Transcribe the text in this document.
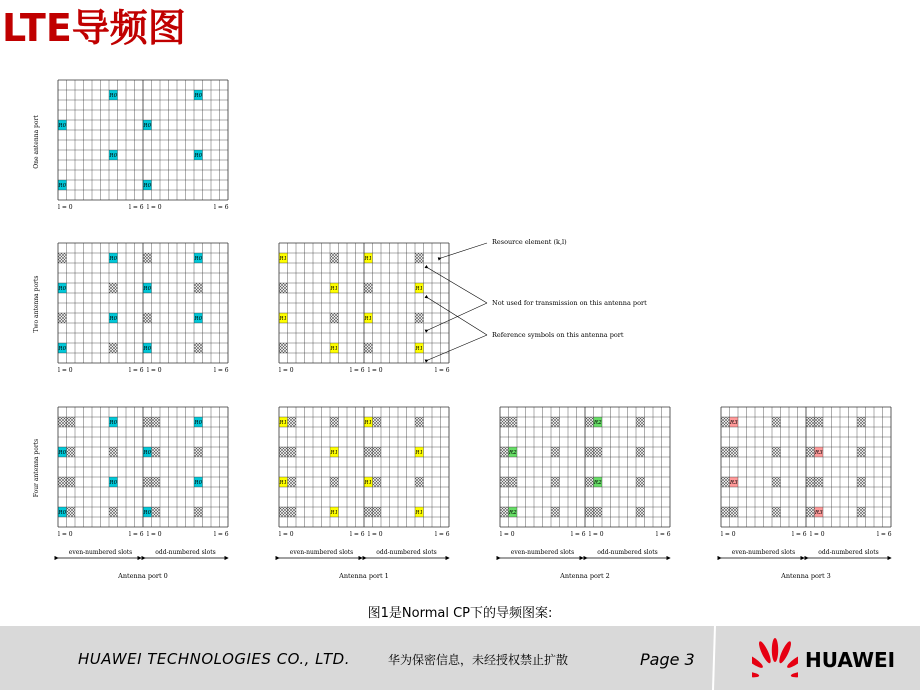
LTE导频图
R0	R0
R0	R0
R0	R0
R0	R0
l = 0	l = 6 l = 0	l = 6
R0	R0
R0	R0
R0	R0
R0	R0
l = 0	l = 6 l = 0	l = 6
R1	R1
R1	R1
R1	R1
R1	R1
l = 0	l = 6 l = 0	l = 6
R0	R0
R0	R0
R0	R0
R0	R0
l = 0	l = 6 l = 0	l = 6
even-numbered slots	odd-numbered slots
Antenna port 0
R1	R1
R1	R1
R1	R1
R1	R1
l = 0	l = 6 l = 0	l = 6
even-numbered slots	odd-numbered slots
Antenna port 1
R2
R2
R2
R2
l = 0	l = 6 l = 0	l = 6
even-numbered slots	odd-numbered slots
Antenna port 2
R3
R3
R3
R3
l = 0	l = 6 l = 0	l = 6
even-numbered slots	odd-numbered slots
Antenna port 3
One antenna port
Two antenna ports
Four antenna ports
Resource element (k,l)
Not used for transmission on this antenna port
Reference symbols on this antenna port
图1是Normal CP下的导频图案:
HUAWEI TECHNOLOGIES CO., LTD.	华为保密信息，未经授权禁止扩散	Page 3	HUAWEI
